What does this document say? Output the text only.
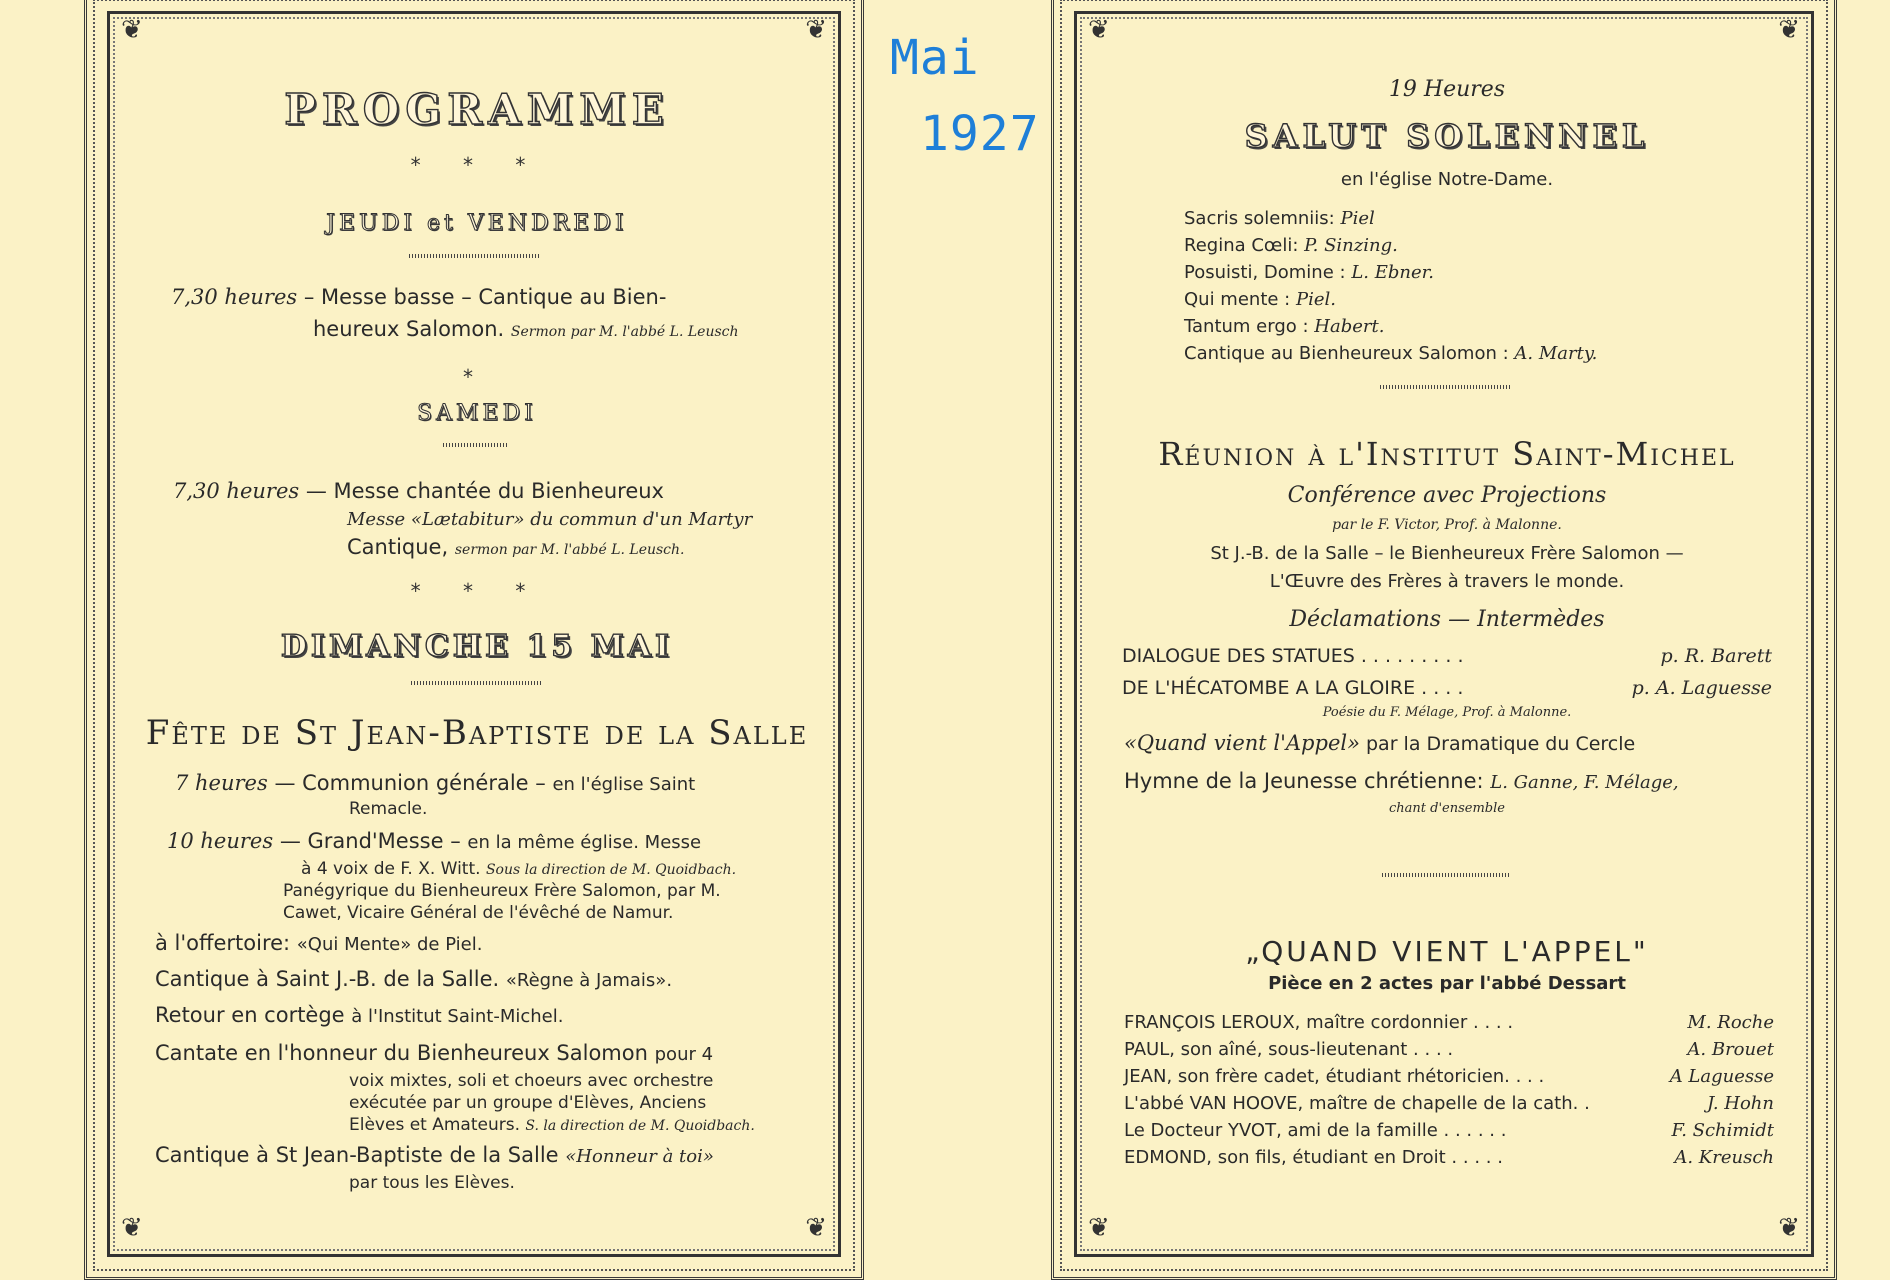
Mai
1927
❦	❦
❦	❦
PROGRAMME
* * *
JEUDI et VENDREDI
7,30 heures – Messe basse – Cantique au Bien-
heureux Salomon. Sermon par M. l'abbé L. Leusch
*
SAMEDI
7,30 heures — Messe chantée du Bienheureux
Messe «Lætabitur» du commun d'un Martyr
Cantique, sermon par M. l'abbé L. Leusch.
* * *
DIMANCHE 15 MAI
Fête de St Jean-Baptiste de la Salle
7 heures — Communion générale – en l'église Saint
Remacle.
10 heures — Grand'Messe – en la même église. Messe
à 4 voix de F. X. Witt. Sous la direction de M. Quoidbach.
Panégyrique du Bienheureux Frère Salomon, par M.
Cawet, Vicaire Général de l'évêché de Namur.
à l'offertoire: «Qui Mente» de Piel.
Cantique à Saint J.-B. de la Salle. «Règne à Jamais».
Retour en cortège à l'Institut Saint-Michel.
Cantate en l'honneur du Bienheureux Salomon pour 4
voix mixtes, soli et choeurs avec orchestre
exécutée par un groupe d'Elèves, Anciens
Elèves et Amateurs. S. la direction de M. Quoidbach.
Cantique à St Jean-Baptiste de la Salle «Honneur à toi»
par tous les Elèves.
❦	❦
❦	❦
19 Heures
SALUT SOLENNEL
en l'église Notre-Dame.
Sacris solemniis: Piel
Regina Cœli: P. Sinzing.
Posuisti, Domine : L. Ebner.
Qui mente : Piel.
Tantum ergo : Habert.
Cantique au Bienheureux Salomon : A. Marty.
Réunion à l'Institut Saint-Michel
Conférence avec Projections
par le F. Victor, Prof. à Malonne.
St J.-B. de la Salle – le Bienheureux Frère Salomon —
L'Œuvre des Frères à travers le monde.
Déclamations — Intermèdes
DIALOGUE DES STATUES . . . . . . . . .	p. R. Barett
DE L'HÉCATOMBE A LA GLOIRE . . . .	p. A. Laguesse
Poésie du F. Mélage, Prof. à Malonne.
«Quand vient l'Appel» par la Dramatique du Cercle
Hymne de la Jeunesse chrétienne: L. Ganne, F. Mélage,
chant d'ensemble
„QUAND VIENT L'APPEL"
Pièce en 2 actes par l'abbé Dessart
FRANÇOIS LEROUX, maître cordonnier . . . .	M. Roche
PAUL, son aîné, sous-lieutenant . . . .	A. Brouet
JEAN, son frère cadet, étudiant rhétoricien. . . .	A Laguesse
L'abbé VAN HOOVE, maître de chapelle de la cath. .	J. Hohn
Le Docteur YVOT, ami de la famille . . . . . .	F. Schimidt
EDMOND, son fils, étudiant en Droit . . . . .	A. Kreusch
